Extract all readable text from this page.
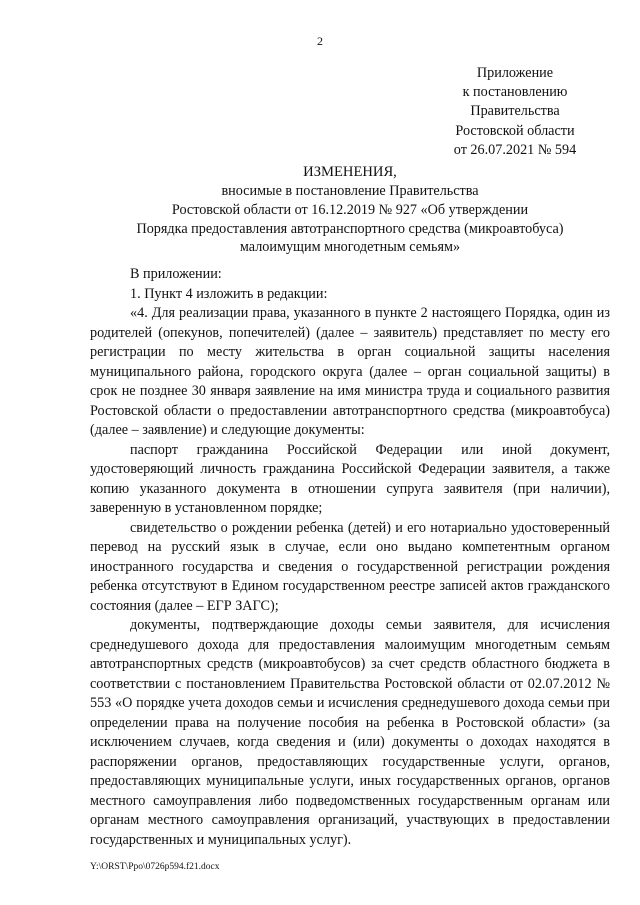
2
Приложение
к постановлению
Правительства
Ростовской области
от 26.07.2021 № 594
ИЗМЕНЕНИЯ,
вносимые в постановление Правительства
Ростовской области от 16.12.2019 № 927 «Об утверждении
Порядка предоставления автотранспортного средства (микроавтобуса)
малоимущим многодетным семьям»

В приложении:

1. Пункт 4 изложить в редакции:

«4. Для реализации права, указанного в пункте 2 настоящего Порядка, один из родителей (опекунов, попечителей) (далее – заявитель) представляет по месту его регистрации по месту жительства в орган социальной защиты населения муниципального района, городского округа (далее – орган социальной защиты) в срок не позднее 30 января заявление на имя министра труда и социального развития Ростовской области о предоставлении автотранспортного средства (микроавтобуса) (далее – заявление) и следующие документы:

паспорт гражданина Российской Федерации или иной документ, удостоверяющий личность гражданина Российской Федерации заявителя, а также копию указанного документа в отношении супруга заявителя (при наличии), заверенную в установленном порядке;

свидетельство о рождении ребенка (детей) и его нотариально удостоверенный перевод на русский язык в случае, если оно выдано компетентным органом иностранного государства и сведения о государственной регистрации рождения ребенка отсутствуют в Едином государственном реестре записей актов гражданского состояния (далее – ЕГР ЗАГС);

документы, подтверждающие доходы семьи заявителя, для исчисления среднедушевого дохода для предоставления малоимущим многодетным семьям автотранспортных средств (микроавтобусов) за счет средств областного бюджета в соответствии с постановлением Правительства Ростовской области от 02.07.2012 № 553 «О порядке учета доходов семьи и исчисления среднедушевого дохода семьи при определении права на получение пособия на ребенка в Ростовской области» (за исключением случаев, когда сведения и (или) документы о доходах находятся в распоряжении органов, предоставляющих государственные услуги, органов, предоставляющих муниципальные услуги, иных государственных органов, органов местного самоуправления либо подведомственных государственным органам или органам местного самоуправления организаций, участвующих в предоставлении государственных и муниципальных услуг).

Y:\ORST\Ppo\0726p594.f21.docx
